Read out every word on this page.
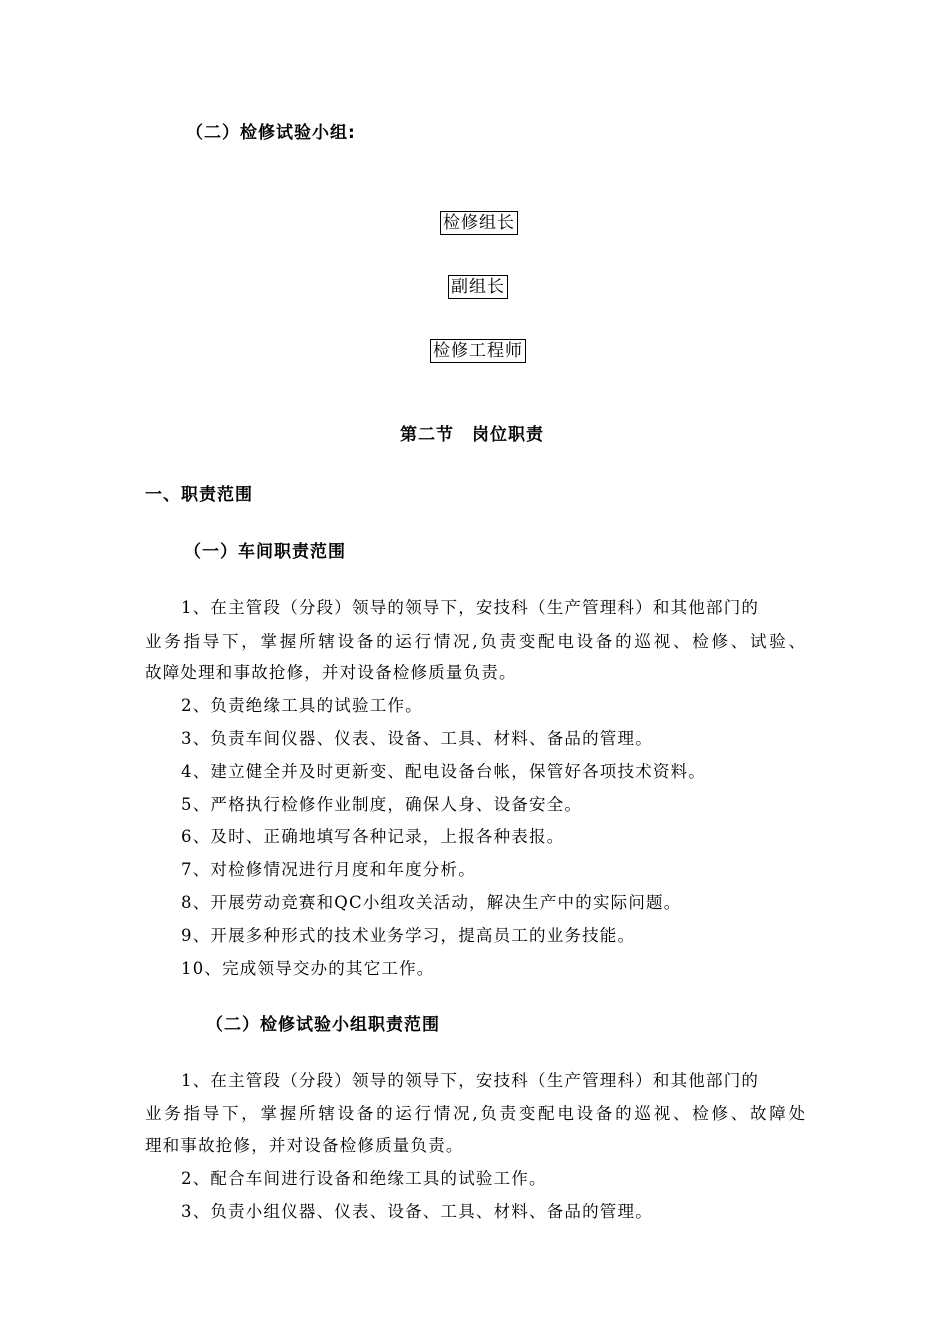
（二）检修试验小组:
检修组长
副组长
检修工程师
第二节　岗位职责
一、职责范围
（一）车间职责范围
1、在主管段（分段）领导的领导下，安技科（生产管理科）和其他部门的
业务指导下，掌握所辖设备的运行情况,负责变配电设备的巡视、检修、试验、
故障处理和事故抢修，并对设备检修质量负责。
2、负责绝缘工具的试验工作。
3、负责车间仪器、仪表、设备、工具、材料、备品的管理。
4、建立健全并及时更新变、配电设备台帐，保管好各项技术资料。
5、严格执行检修作业制度，确保人身、设备安全。
6、及时、正确地填写各种记录，上报各种表报。
7、对检修情况进行月度和年度分析。
8、开展劳动竞赛和QC小组攻关活动，解决生产中的实际问题。
9、开展多种形式的技术业务学习，提高员工的业务技能。
10、完成领导交办的其它工作。
（二）检修试验小组职责范围
1、在主管段（分段）领导的领导下，安技科（生产管理科）和其他部门的
业务指导下，掌握所辖设备的运行情况,负责变配电设备的巡视、检修、故障处
理和事故抢修，并对设备检修质量负责。
2、配合车间进行设备和绝缘工具的试验工作。
3、负责小组仪器、仪表、设备、工具、材料、备品的管理。
